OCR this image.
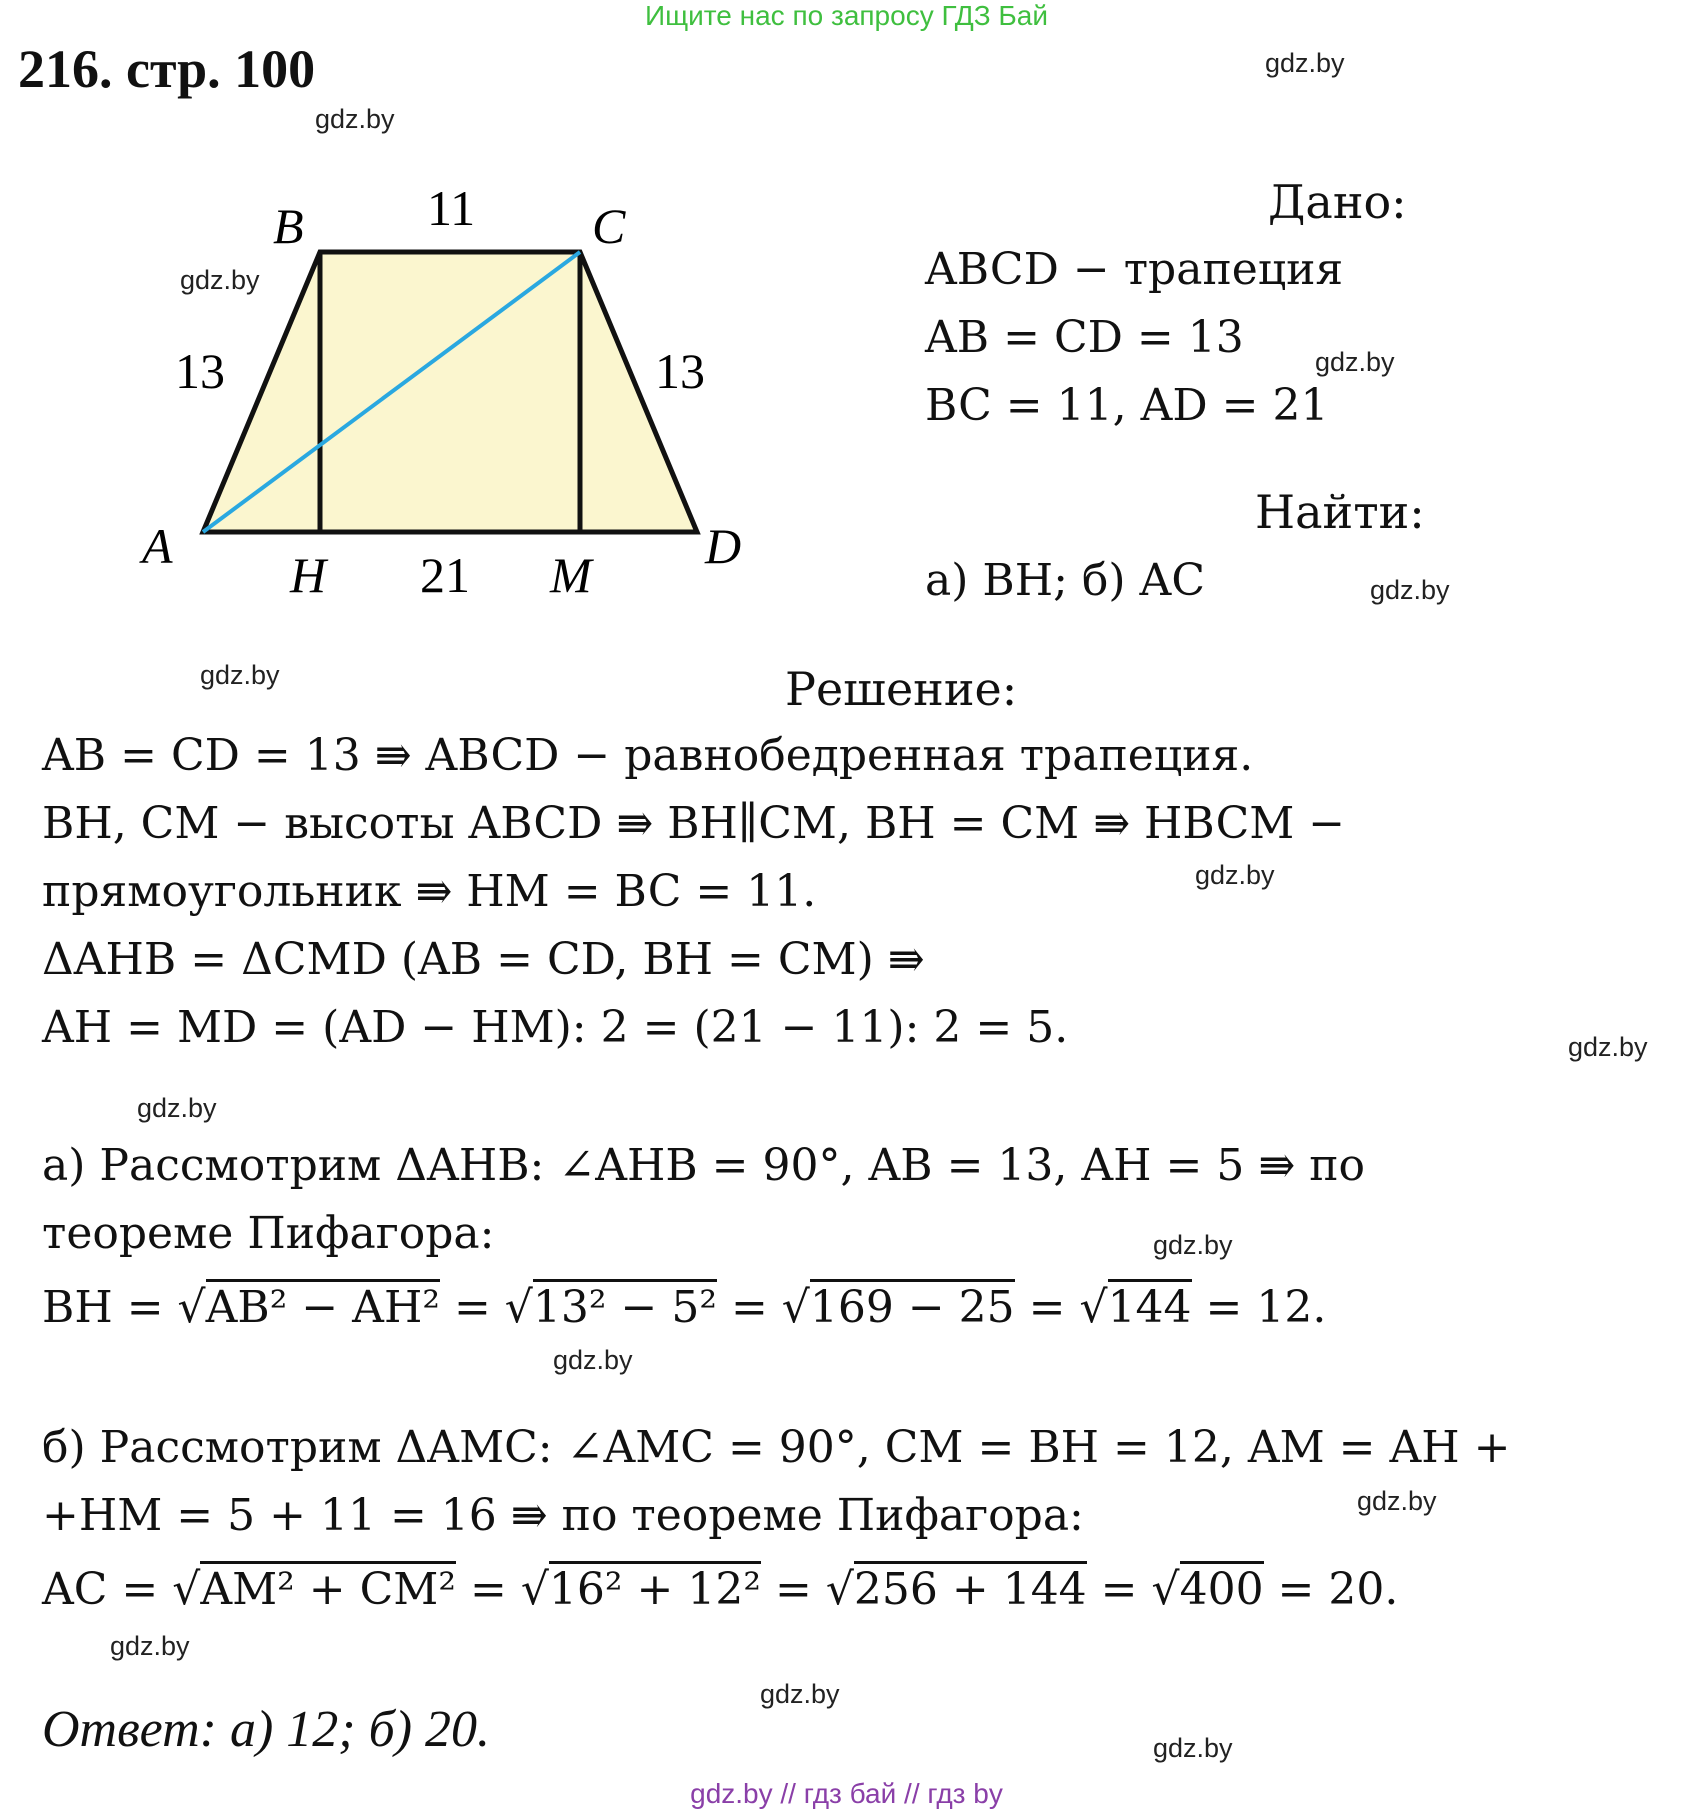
Ищите нас по запросу ГДЗ Бай
216. стр. 100	gdz.by
gdz.by
gdz.by
gdz.by
gdz.by
gdz.by
gdz.by
gdz.by
gdz.by
gdz.by
gdz.by
gdz.by
gdz.by
gdz.by
gdz.by
B	C
A	D
H	M
11
13	13
21
Дано:
ABCD − трапеция
AB = CD = 13
BC = 11, AD = 21
Найти:
а) BH; б) AC
Решение:
AB = CD = 13 ⇛ ABCD − равнобедренная трапеция.
BH, CM − высоты ABCD ⇛ BH∥CM, BH = CM ⇛ HBCM −
прямоугольник ⇛ HM = BC = 11.
ΔAHB = ΔCMD (AB = CD, BH = CM) ⇛
AH = MD = (AD − HM): 2 = (21 − 11): 2 = 5.
а) Рассмотрим ΔAHB: ∠AHB = 90°, AB = 13, AH = 5 ⇛ по
теореме Пифагора:
BH = √AB² − AH² = √13² − 5² = √169 − 25 = √144 = 12.
б) Рассмотрим ΔAMC: ∠AMC = 90°, CM = BH = 12, AM = AH +
+HM = 5 + 11 = 16 ⇛ по теореме Пифагора:
AC = √AM² + CM² = √16² + 12² = √256 + 144 = √400 = 20.
Ответ: а) 12; б) 20.
gdz.by // гдз бай // гдз by
